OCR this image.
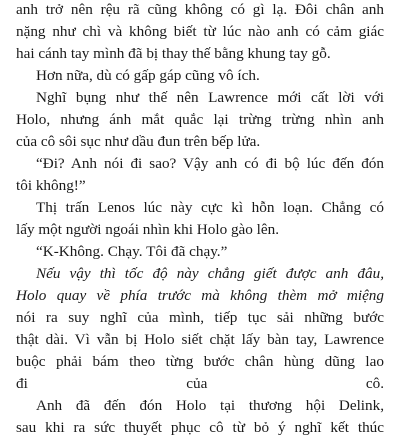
anh trở nên rệu rã cũng không có gì lạ. Đôi chân anh
nặng như chì và không biết từ lúc nào anh có cảm giác
hai cánh tay mình đã bị thay thế bằng khung tay gỗ.
Hơn nữa, dù có gấp gáp cũng vô ích.
Nghĩ bụng như thế nên Lawrence mới cất lời với
Holo, nhưng ánh mắt quắc lại trừng trừng nhìn anh
của cô sôi sục như dầu đun trên bếp lửa.
“Đi? Anh nói đi sao? Vậy anh có đi bộ lúc đến đón
tôi không!”
Thị trấn Lenos lúc này cực kì hỗn loạn. Chẳng có
lấy một người ngoái nhìn khi Holo gào lên.
“K-Không. Chạy. Tôi đã chạy.”
Nếu vậy thì tốc độ này chẳng giết được anh đâu,
Holo quay về phía trước mà không thèm mở miệng
nói ra suy nghĩ của mình, tiếp tục sải những bước
thật dài. Vì vẫn bị Holo siết chặt lấy bàn tay, Lawrence
buộc phải bám theo từng bước chân hùng dũng lao
đi của cô.
Anh đã đến đón Holo tại thương hội Delink,
sau khi ra sức thuyết phục cô từ bỏ ý nghĩ kết thúc
